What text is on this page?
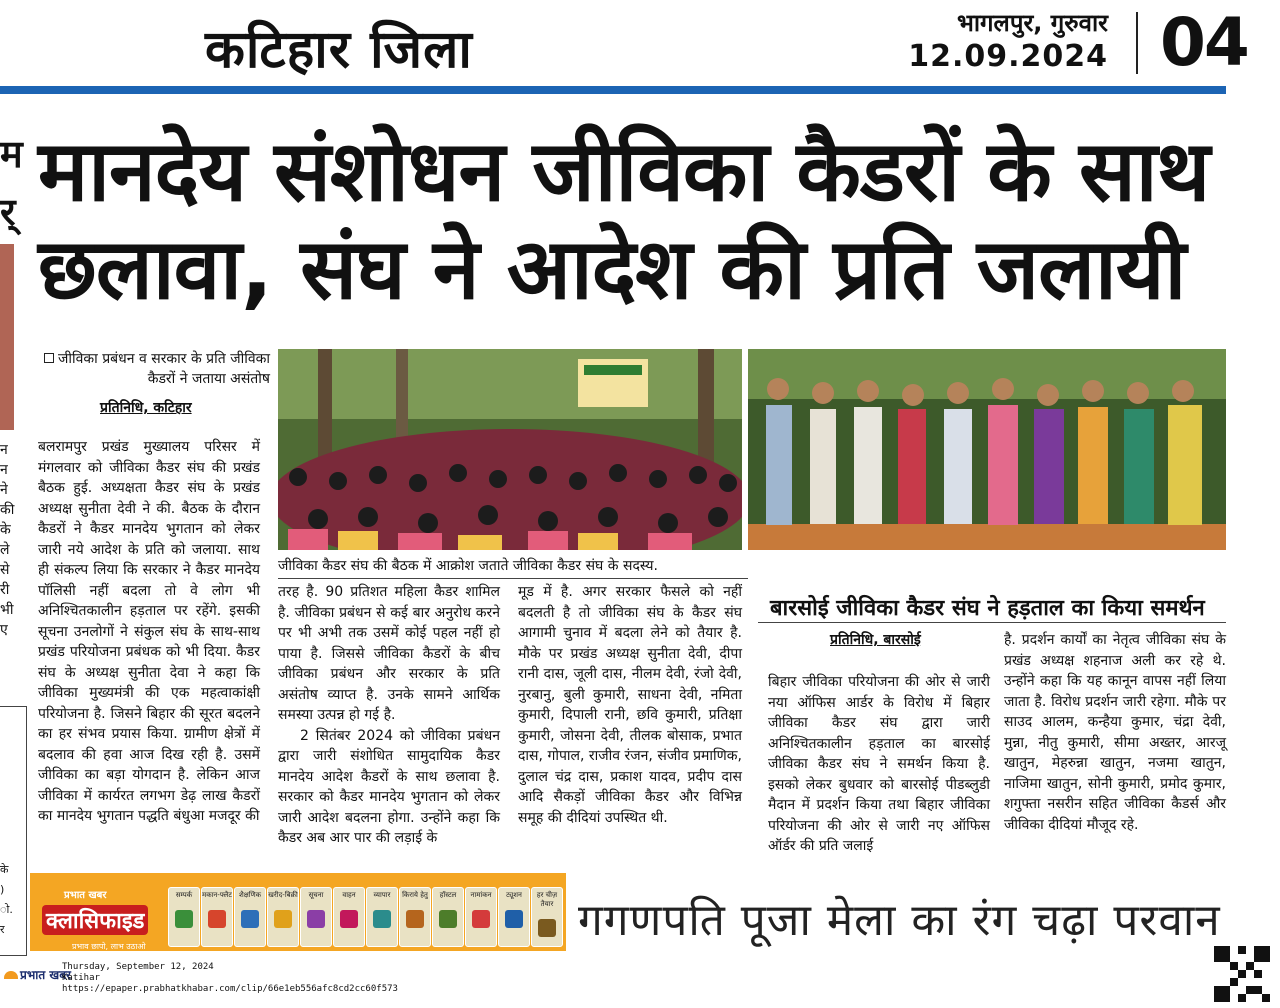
कटिहार जिला	भागलपुर, गुरुवार
12.09.2024 04
म
र्
न
न
ने
की
के
ले
से
री
भी
ए
के
)
ो.
र
मानदेय संशोधन जीविका कैडरों के साथ छलावा, संघ ने आदेश की प्रति जलायी
जीविका प्रबंधन व सरकार के प्रति जीविका कैडरों ने जताया असंतोष
प्रतिनिधि, कटिहार
जीविका कैडर संघ की बैठक में आक्रोश जताते जीविका कैडर संघ के सदस्य.
बलरामपुर प्रखंड मुख्यालय परिसर में मंगलवार को जीविका कैडर संघ की प्रखंड बैठक हुई. अध्यक्षता कैडर संघ के प्रखंड अध्यक्ष सुनीता देवी ने की. बैठक के दौरान कैडरों ने कैडर मानदेय भुगतान को लेकर जारी नये आदेश के प्रति को जलाया. साथ ही संकल्प लिया कि सरकार ने कैडर मानदेय पॉलिसी नहीं बदला तो वे लोग भी अनिश्चितकालीन हड़ताल पर रहेंगे. इसकी सूचना उनलोगों ने संकुल संघ के साथ-साथ प्रखंड परियोजना प्रबंधक को भी दिया. कैडर संघ के अध्यक्ष सुनीता देवा ने कहा कि जीविका मुख्यमंत्री की एक महत्वाकांक्षी परियोजना है. जिसने बिहार की सूरत बदलने का हर संभव प्रयास किया. ग्रामीण क्षेत्रों में बदलाव की हवा आज दिख रही है. उसमें जीविका का बड़ा योगदान है. लेकिन आज जीविका में कार्यरत लगभग डेढ़ लाख कैडरों का मानदेय भुगतान पद्धति बंधुआ मजदूर की
तरह है. 90 प्रतिशत महिला कैडर शामिल है. जीविका प्रबंधन से कई बार अनुरोध करने पर भी अभी तक उसमें कोई पहल नहीं हो पाया है. जिससे जीविका कैडरों के बीच जीविका प्रबंधन और सरकार के प्रति असंतोष व्याप्त है. उनके सामने आर्थिक समस्या उत्पन्न हो गई है.
2 सितंबर 2024 को जीविका प्रबंधन द्वारा जारी संशोधित सामुदायिक कैडर मानदेय आदेश कैडरों के साथ छलावा है. सरकार को कैडर मानदेय भुगतान को लेकर जारी आदेश बदलना होगा. उन्होंने कहा कि कैडर अब आर पार की लड़ाई के
मूड में है. अगर सरकार फैसले को नहीं बदलती है तो जीविका संघ के कैडर संघ आगामी चुनाव में बदला लेने को तैयार है. मौके पर प्रखंड अध्यक्ष सुनीता देवी, दीपा रानी दास, जूली दास, नीलम देवी, रंजो देवी, नुरबानु, बुली कुमारी, साधना देवी, नमिता कुमारी, दिपाली रानी, छवि कुमारी, प्रतिक्षा कुमारी, जोसना देवी, तीलक बोसाक, प्रभात दास, गोपाल, राजीव रंजन, संजीव प्रमाणिक, दुलाल चंद्र दास, प्रकाश यादव, प्रदीप दास आदि सैकड़ों जीविका कैडर और विभिन्न समूह की दीदियां उपस्थित थी.
बारसोई जीविका कैडर संघ ने हड़ताल का किया समर्थन
प्रतिनिधि, बारसोई
बिहार जीविका परियोजना की ओर से जारी नया ऑफिस आर्डर के विरोध में बिहार जीविका कैडर संघ द्वारा जारी अनिश्चितकालीन हड़ताल का बारसोई जीविका कैडर संघ ने समर्थन किया है. इसको लेकर बुधवार को बारसोई पीडब्लुडी मैदान में प्रदर्शन किया तथा बिहार जीविका परियोजना की ओर से जारी नए ऑफिस ऑर्डर की प्रति जलाई
है. प्रदर्शन कार्यों का नेतृत्व जीविका संघ के प्रखंड अध्यक्ष शहनाज अली कर रहे थे. उन्होंने कहा कि यह कानून वापस नहीं लिया जाता है. विरोध प्रदर्शन जारी रहेगा. मौके पर साउद आलम, कन्हैया कुमार, चंद्रा देवी, मुन्ना, नीतु कुमारी, सीमा अख्तर, आरजू खातुन, मेहरुन्ना खातुन, नजमा खातुन, नाजिमा खातुन, सोनी कुमारी, प्रमोद कुमार, शगुफ्ता नसरीन सहित जीविका कैडर्स और जीविका दीदियां मौजूद रहे.
प्रभात खबर
क्लासिफाइड
प्रभाव छापो, लाभ उठाओ
सम्पर्क	मकान-फ्लैट	शैक्षणिक	खरीद-बिक्री	सूचना	वाहन	व्यापार	किराये हेतु	हॉस्टल	नामांकन	ट्यूशन	हर चीज़ तैयार गगणपति पूजा मेला का रंग चढ़ा परवान
प्रभात खबर
Thursday, September 12, 2024
Katihar
https://epaper.prabhatkhabar.com/clip/66e1eb556afc8cd2cc60f573
